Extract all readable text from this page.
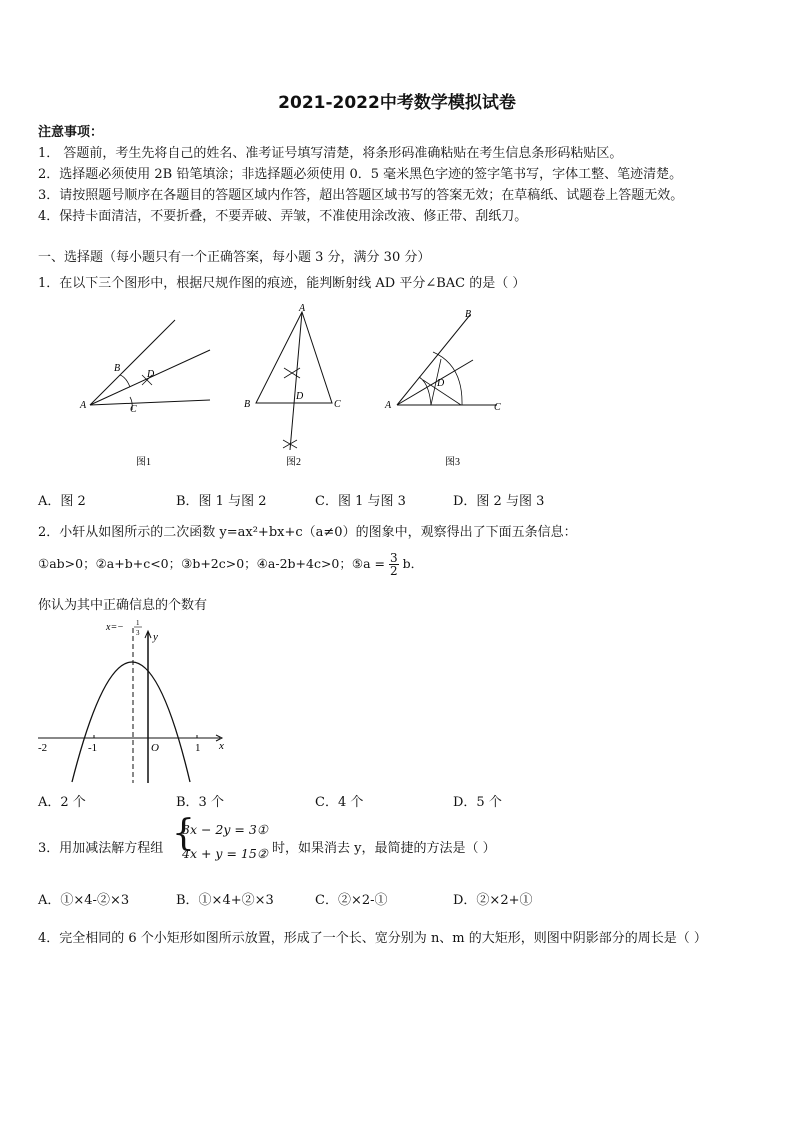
2021-2022中考数学模拟试卷
注意事项：
1． 答题前，考生先将自己的姓名、准考证号填写清楚，将条形码准确粘贴在考生信息条形码粘贴区。
2．选择题必须使用 2B 铅笔填涂；非选择题必须使用 0．5 毫米黑色字迹的签字笔书写，字体工整、笔迹清楚。
3．请按照题号顺序在各题目的答题区域内作答，超出答题区域书写的答案无效；在草稿纸、试题卷上答题无效。
4．保持卡面清洁，不要折叠，不要弄破、弄皱，不准使用涂改液、修正带、刮纸刀。
一、选择题（每小题只有一个正确答案，每小题 3 分，满分 30 分）
1．在以下三个图形中，根据尺规作图的痕迹，能判断射线 AD 平分∠BAC 的是（ ）
B
D
A	C
图1
A
B	C
D
图2
B
D
A	C
图3
A．图 2	B．图 1 与图 2	C．图 1 与图 3	D．图 2 与图 3
2．小轩从如图所示的二次函数 y=ax²+bx+c（a≠0）的图象中，观察得出了下面五条信息：
①ab>0；②a+b+c<0；③b+2c>0；④a-2b+4c>0；⑤a = $\frac{3}{2}$ b．
你认为其中正确信息的个数有
-2	-1	1
O	x
y
x=− 1
3
A．2 个	B．3 个	C．4 个	D．5 个
3．用加减法解方程组 {
3x − 2y = 3①
4x + y = 15② 时，如果消去 y，最简捷的方法是（ ）
A．①×4-②×3	B．①×4+②×3	C．②×2-①	D．②×2+①
4．完全相同的 6 个小矩形如图所示放置，形成了一个长、宽分别为 n、m 的大矩形，则图中阴影部分的周长是（ ）
